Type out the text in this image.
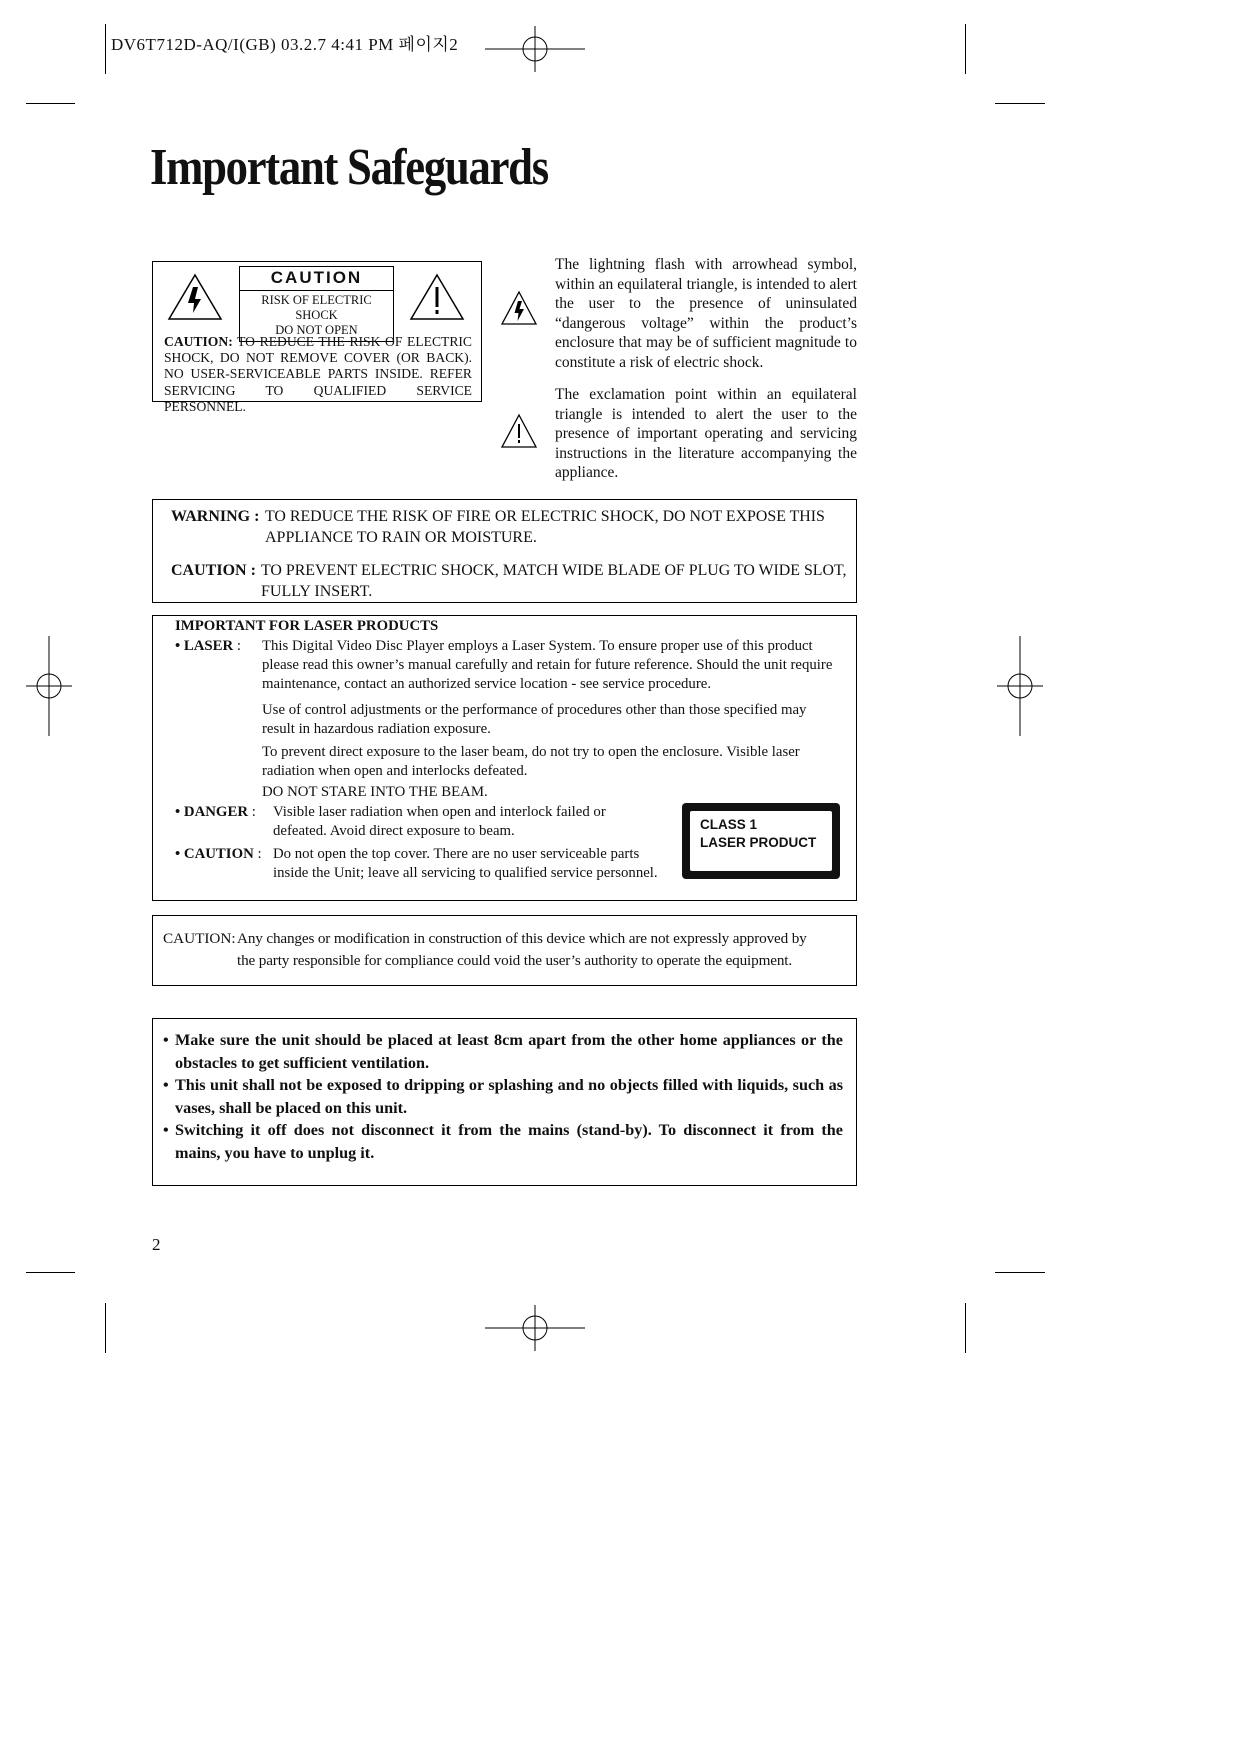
DV6T712D-AQ/I(GB) 03.2.7 4:41 PM 페이지2
Important Safeguards
CAUTION
RISK OF ELECTRIC SHOCK
DO NOT OPEN
CAUTION: TO REDUCE THE RISK OF ELECTRIC SHOCK, DO NOT REMOVE COVER (OR BACK). NO USER-SERVICEABLE PARTS INSIDE. REFER SERVICING TO QUALIFIED SERVICE PERSONNEL.
The lightning flash with arrowhead symbol, within an equilateral triangle, is intended to alert the user to the presence of uninsulated “dangerous voltage” within the product’s enclosure that may be of sufficient magnitude to constitute a risk of electric shock.
The exclamation point within an equilateral triangle is intended to alert the user to the presence of important operating and servicing instructions in the literature accompanying the appliance.
WARNING : TO REDUCE THE RISK OF FIRE OR ELECTRIC SHOCK, DO NOT EXPOSE THIS
APPLIANCE TO RAIN OR MOISTURE.
CAUTION : TO PREVENT ELECTRIC SHOCK, MATCH WIDE BLADE OF PLUG TO WIDE SLOT,
FULLY INSERT.
IMPORTANT FOR LASER PRODUCTS
• LASER : This Digital Video Disc Player employs a Laser System. To ensure proper use of this product please read this owner’s manual carefully and retain for future reference. Should the unit require maintenance, contact an authorized service location - see service procedure.
Use of control adjustments or the performance of procedures other than those specified may result in hazardous radiation exposure.
To prevent direct exposure to the laser beam, do not try to open the enclosure. Visible laser radiation when open and interlocks defeated.
DO NOT STARE INTO THE BEAM.
• DANGER : Visible laser radiation when open and interlock failed or defeated. Avoid direct exposure to beam.
• CAUTION : Do not open the top cover. There are no user serviceable parts inside the Unit; leave all servicing to qualified service personnel.
CLASS 1
LASER PRODUCT
CAUTION: Any changes or modification in construction of this device which are not expressly approved by
the party responsible for compliance could void the user’s authority to operate the equipment.
• Make sure the unit should be placed at least 8cm apart from the other home appliances or the obstacles to get sufficient ventilation.
• This unit shall not be exposed to dripping or splashing and no objects filled with liquids, such as vases, shall be placed on this unit.
• Switching it off does not disconnect it from the mains (stand-by). To disconnect it from the mains, you have to unplug it.
2
